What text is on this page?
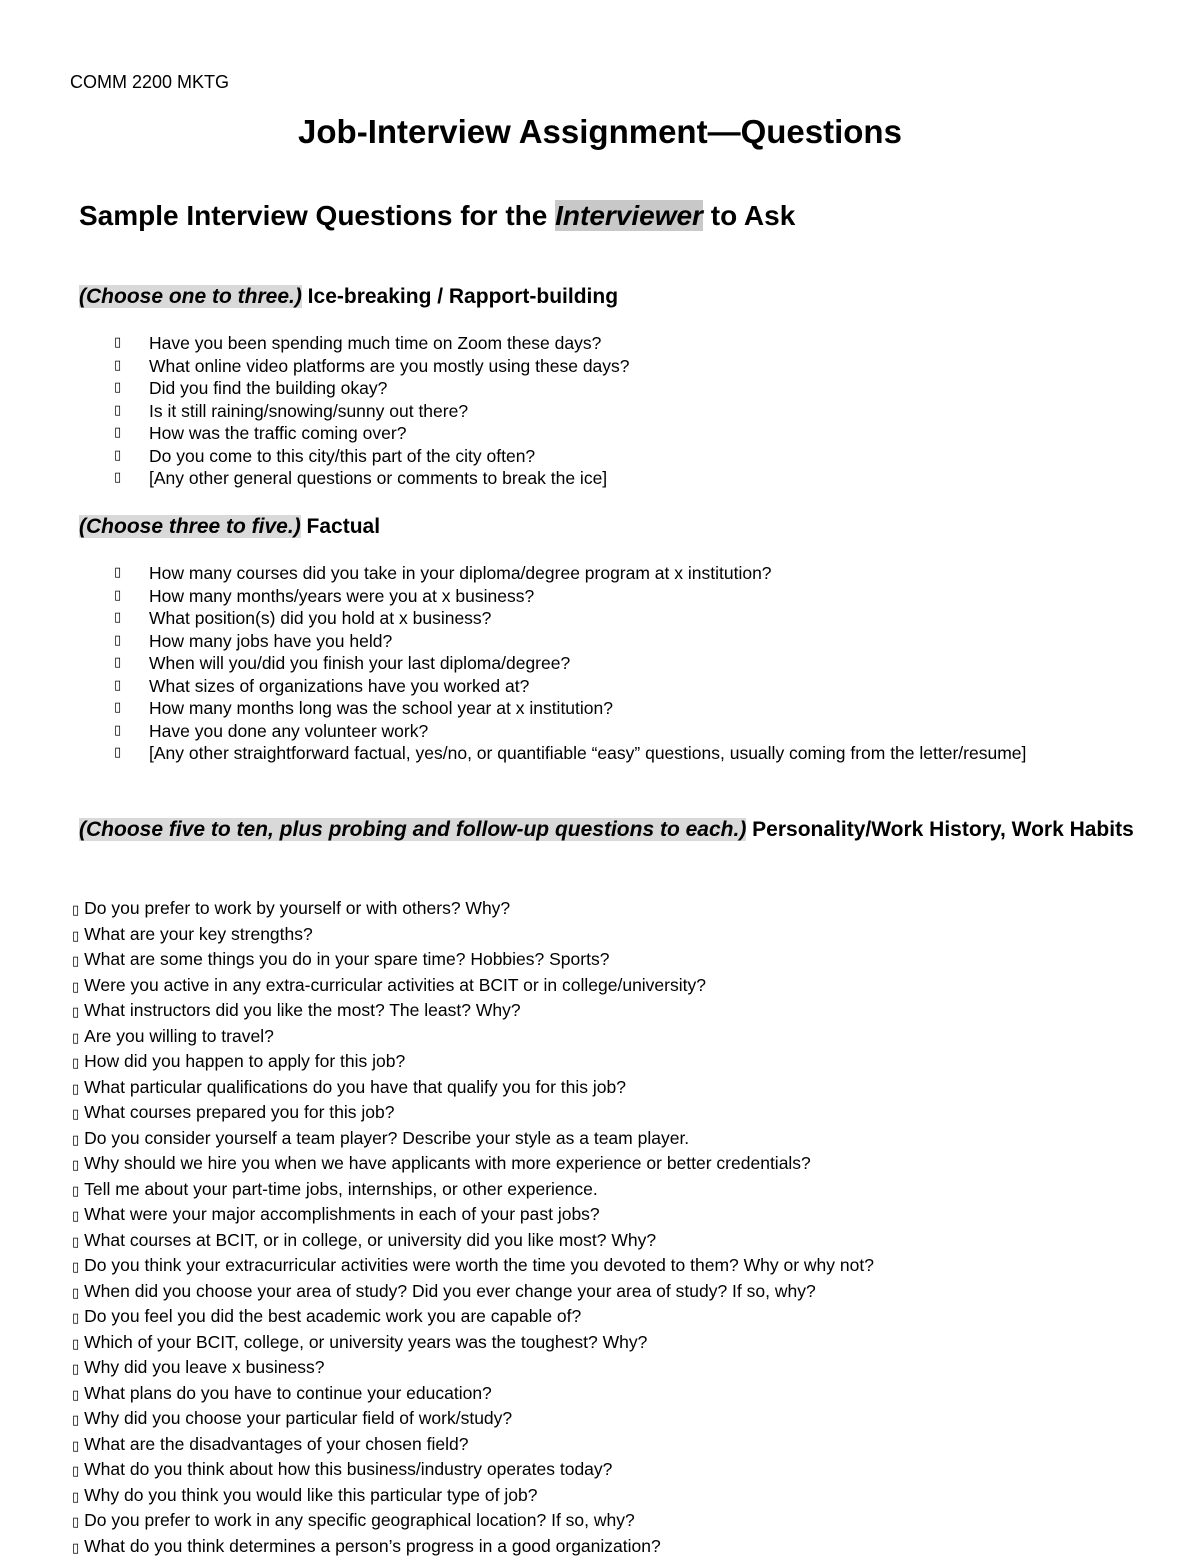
COMM 2200 MKTG
Job-Interview Assignment—Questions
Sample Interview Questions for the Interviewer to Ask
(Choose one to three.) Ice-breaking / Rapport-building
▯ Have you been spending much time on Zoom these days?
▯ What online video platforms are you mostly using these days?
▯ Did you find the building okay?
▯ Is it still raining/snowing/sunny out there?
▯ How was the traffic coming over?
▯ Do you come to this city/this part of the city often?
▯ [Any other general questions or comments to break the ice]
(Choose three to five.) Factual
▯ How many courses did you take in your diploma/degree program at x institution?
▯ How many months/years were you at x business?
▯ What position(s) did you hold at x business?
▯ How many jobs have you held?
▯ When will you/did you finish your last diploma/degree?
▯ What sizes of organizations have you worked at?
▯ How many months long was the school year at x institution?
▯ Have you done any volunteer work?
▯ [Any other straightforward factual, yes/no, or quantifiable “easy” questions, usually coming from the letter/resume]
(Choose five to ten, plus probing and follow-up questions to each.) Personality/Work History, Work Habits
▯ Do you prefer to work by yourself or with others? Why?
▯ What are your key strengths?
▯ What are some things you do in your spare time? Hobbies? Sports?
▯ Were you active in any extra-curricular activities at BCIT or in college/university?
▯ What instructors did you like the most? The least? Why?
▯ Are you willing to travel?
▯ How did you happen to apply for this job?
▯ What particular qualifications do you have that qualify you for this job?
▯ What courses prepared you for this job?
▯ Do you consider yourself a team player? Describe your style as a team player.
▯ Why should we hire you when we have applicants with more experience or better credentials?
▯ Tell me about your part-time jobs, internships, or other experience.
▯ What were your major accomplishments in each of your past jobs?
▯ What courses at BCIT, or in college, or university did you like most? Why?
▯ Do you think your extracurricular activities were worth the time you devoted to them? Why or why not?
▯ When did you choose your area of study? Did you ever change your area of study? If so, why?
▯ Do you feel you did the best academic work you are capable of?
▯ Which of your BCIT, college, or university years was the toughest? Why?
▯ Why did you leave x business?
▯ What plans do you have to continue your education?
▯ Why did you choose your particular field of work/study?
▯ What are the disadvantages of your chosen field?
▯ What do you think about how this business/industry operates today?
▯ Why do you think you would like this particular type of job?
▯ Do you prefer to work in any specific geographical location? If so, why?
▯ What do you think determines a person’s progress in a good organization?
